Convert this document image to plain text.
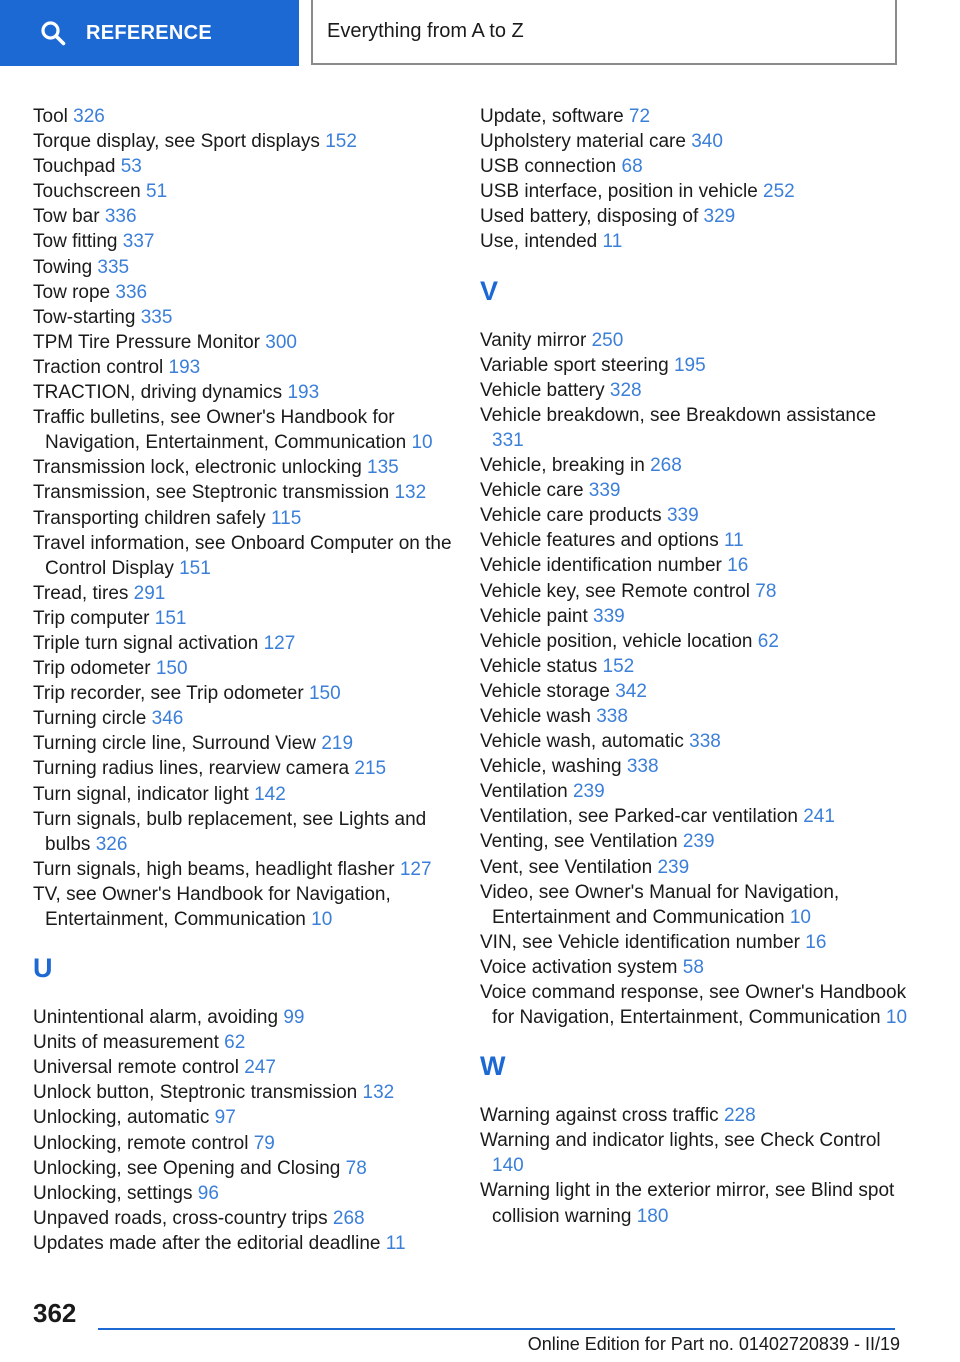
REFERENCE	Everything from A to Z

Tool 326

Torque display, see Sport displays 152

Touchpad 53

Touchscreen 51

Tow bar 336

Tow fitting 337

Towing 335

Tow rope 336

Tow-starting 335

TPM Tire Pressure Monitor 300

Traction control 193

TRACTION, driving dynamics 193

Traffic bulletins, see Owner's Handbook for Navigation, Entertainment, Communication 10

Transmission lock, electronic unlocking 135

Transmission, see Steptronic transmission 132

Transporting children safely 115

Travel information, see Onboard Computer on the Control Display 151

Tread, tires 291

Trip computer 151

Triple turn signal activation 127

Trip odometer 150

Trip recorder, see Trip odometer 150

Turning circle 346

Turning circle line, Surround View 219

Turning radius lines, rearview camera 215

Turn signal, indicator light 142

Turn signals, bulb replacement, see Lights and bulbs 326

Turn signals, high beams, headlight flasher 127

TV, see Owner's Handbook for Navigation, Entertainment, Communication 10

U

Unintentional alarm, avoiding 99

Units of measurement 62

Universal remote control 247

Unlock button, Steptronic transmission 132

Unlocking, automatic 97

Unlocking, remote control 79

Unlocking, see Opening and Closing 78

Unlocking, settings 96

Unpaved roads, cross-country trips 268

Updates made after the editorial deadline 11

Update, software 72

Upholstery material care 340

USB connection 68

USB interface, position in vehicle 252

Used battery, disposing of 329

Use, intended 11

V

Vanity mirror 250

Variable sport steering 195

Vehicle battery 328

Vehicle breakdown, see Breakdown assistance 331

Vehicle, breaking in 268

Vehicle care 339

Vehicle care products 339

Vehicle features and options 11

Vehicle identification number 16

Vehicle key, see Remote control 78

Vehicle paint 339

Vehicle position, vehicle location 62

Vehicle status 152

Vehicle storage 342

Vehicle wash 338

Vehicle wash, automatic 338

Vehicle, washing 338

Ventilation 239

Ventilation, see Parked-car ventilation 241

Venting, see Ventilation 239

Vent, see Ventilation 239

Video, see Owner's Manual for Navigation, Entertainment and Communication 10

VIN, see Vehicle identification number 16

Voice activation system 58

Voice command response, see Owner's Handbook for Navigation, Entertainment, Communication 10

W

Warning against cross traffic 228

Warning and indicator lights, see Check Control 140

Warning light in the exterior mirror, see Blind spot collision warning 180

362
Online Edition for Part no. 01402720839 - II/19
